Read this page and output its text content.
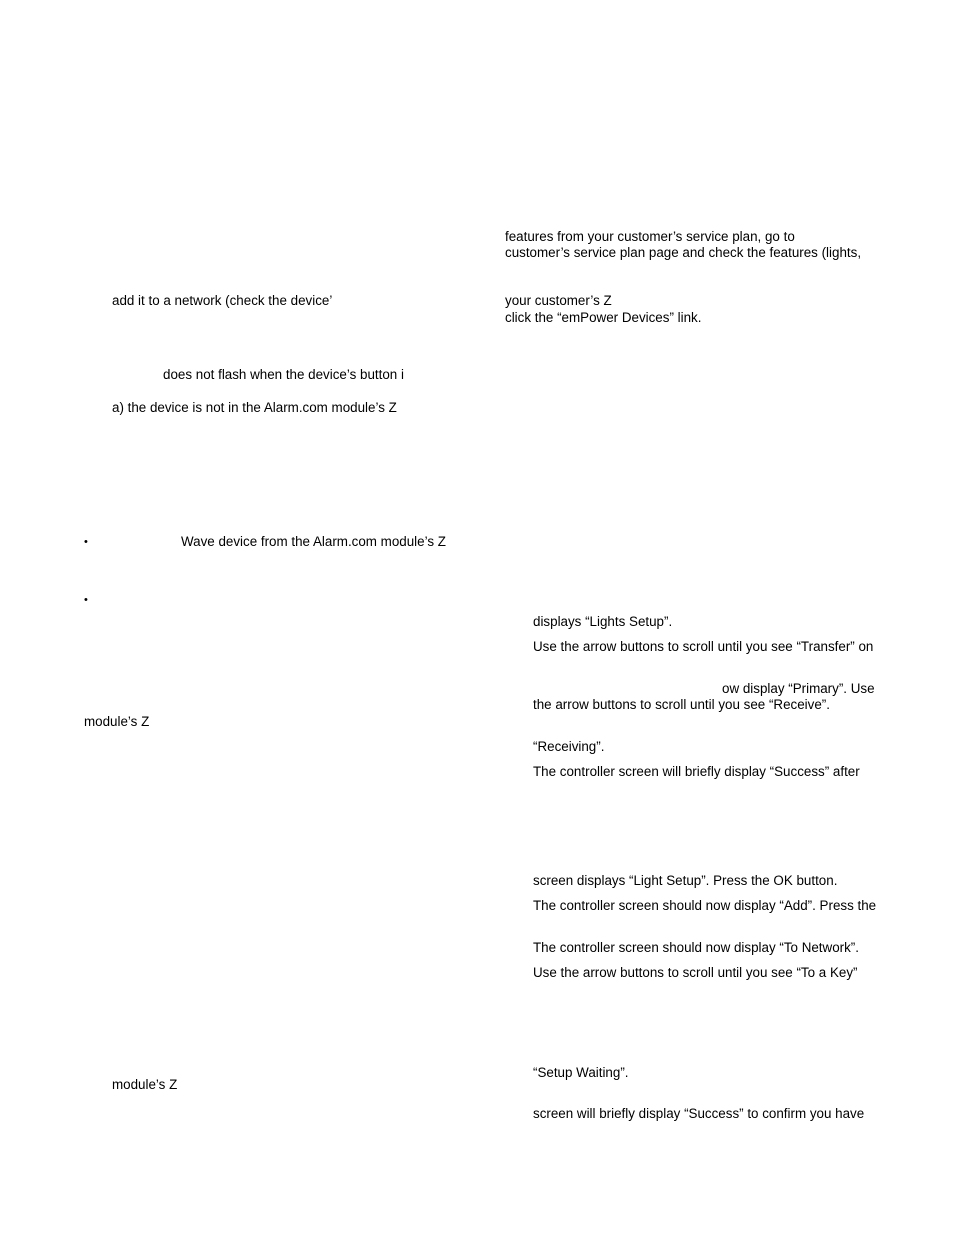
add it to a network (check the device’
does not flash when the device’s button i
a) the device is not in the Alarm.com module’s Z
•	Wave device from the Alarm.com module’s Z
•
module’s Z
module’s Z
features from your customer’s service plan, go to
customer’s service plan page and check the features (lights,
your customer’s Z
click the “emPower Devices” link.
displays “Lights Setup”.
Use the arrow buttons to scroll until you see “Transfer” on
ow display “Primary”. Use
the arrow buttons to scroll until you see “Receive”.
“Receiving”.
The controller screen will briefly display “Success” after
screen displays “Light Setup”. Press the OK button.
The controller screen should now display “Add”. Press the
The controller screen should now display “To Network”.
Use the arrow buttons to scroll until you see “To a Key”
“Setup Waiting”.
screen will briefly display “Success” to confirm you have
